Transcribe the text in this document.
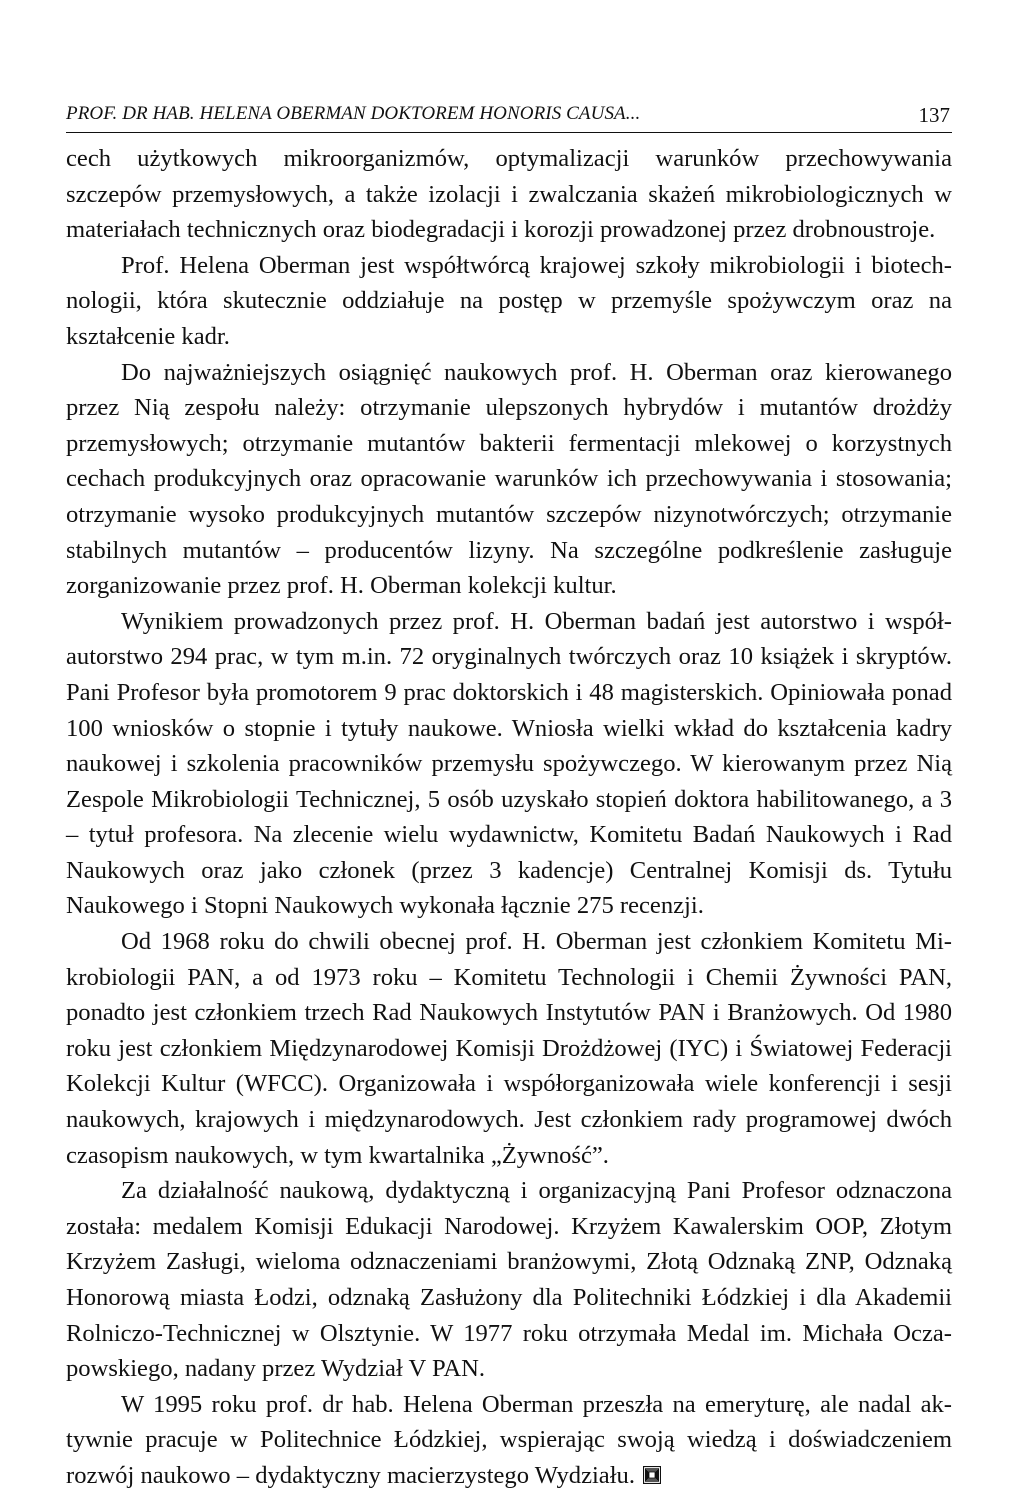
PROF. DR HAB. HELENA OBERMAN DOKTOREM HONORIS CAUSA...	137

cech użytkowych mikroorganizmów, optymalizacji warunków przechowywania szczepów przemysłowych, a także izolacji i zwalczania skażeń mikrobiologicznych w materiałach technicznych oraz biodegradacji i korozji prowadzonej przez drobnoustroje.

Prof. Helena Oberman jest współtwórcą krajowej szkoły mikrobiologii i biotechnologii, która skutecznie oddziałuje na postęp w przemyśle spożywczym oraz na kształcenie kadr.

Do najważniejszych osiągnięć naukowych prof. H. Oberman oraz kierowanego przez Nią zespołu należy: otrzymanie ulepszonych hybrydów i mutantów drożdży przemysłowych; otrzymanie mutantów bakterii fermentacji mlekowej o korzystnych cechach produkcyjnych oraz opracowanie warunków ich przechowywania i stosowania; otrzymanie wysoko produkcyjnych mutantów szczepów nizynotwórczych; otrzymanie stabilnych mutantów – producentów lizyny. Na szczególne podkreślenie zasługuje zorganizowanie przez prof. H. Oberman kolekcji kultur.

Wynikiem prowadzonych przez prof. H. Oberman badań jest autorstwo i współautorstwo 294 prac, w tym m.in. 72 oryginalnych twórczych oraz 10 książek i skryptów. Pani Profesor była promotorem 9 prac doktorskich i 48 magisterskich. Opiniowała ponad 100 wniosków o stopnie i tytuły naukowe. Wniosła wielki wkład do kształcenia kadry naukowej i szkolenia pracowników przemysłu spożywczego. W kierowanym przez Nią Zespole Mikrobiologii Technicznej, 5 osób uzyskało stopień doktora habilitowanego, a 3 – tytuł profesora. Na zlecenie wielu wydawnictw, Komitetu Badań Naukowych i Rad Naukowych oraz jako członek (przez 3 kadencje) Centralnej Komisji ds. Tytułu Naukowego i Stopni Naukowych wykonała łącznie 275 recenzji.

Od 1968 roku do chwili obecnej prof. H. Oberman jest członkiem Komitetu Mikrobiologii PAN, a od 1973 roku – Komitetu Technologii i Chemii Żywności PAN, ponadto jest członkiem trzech Rad Naukowych Instytutów PAN i Branżowych. Od 1980 roku jest członkiem Międzynarodowej Komisji Drożdżowej (IYC) i Światowej Federacji Kolekcji Kultur (WFCC). Organizowała i współorganizowała wiele konferencji i sesji naukowych, krajowych i międzynarodowych. Jest członkiem rady programowej dwóch czasopism naukowych, w tym kwartalnika „Żywność”.

Za działalność naukową, dydaktyczną i organizacyjną Pani Profesor odznaczona została: medalem Komisji Edukacji Narodowej. Krzyżem Kawalerskim OOP, Złotym Krzyżem Zasługi, wieloma odznaczeniami branżowymi, Złotą Odznaką ZNP, Odznaką Honorową miasta Łodzi, odznaką Zasłużony dla Politechniki Łódzkiej i dla Akademii Rolniczo-Technicznej w Olsztynie. W 1977 roku otrzymała Medal im. Michała Oczapowskiego, nadany przez Wydział V PAN.

W 1995 roku prof. dr hab. Helena Oberman przeszła na emeryturę, ale nadal aktywnie pracuje w Politechnice Łódzkiej, wspierając swoją wiedzą i doświadczeniem rozwój naukowo – dydaktyczny macierzystego Wydziału.
